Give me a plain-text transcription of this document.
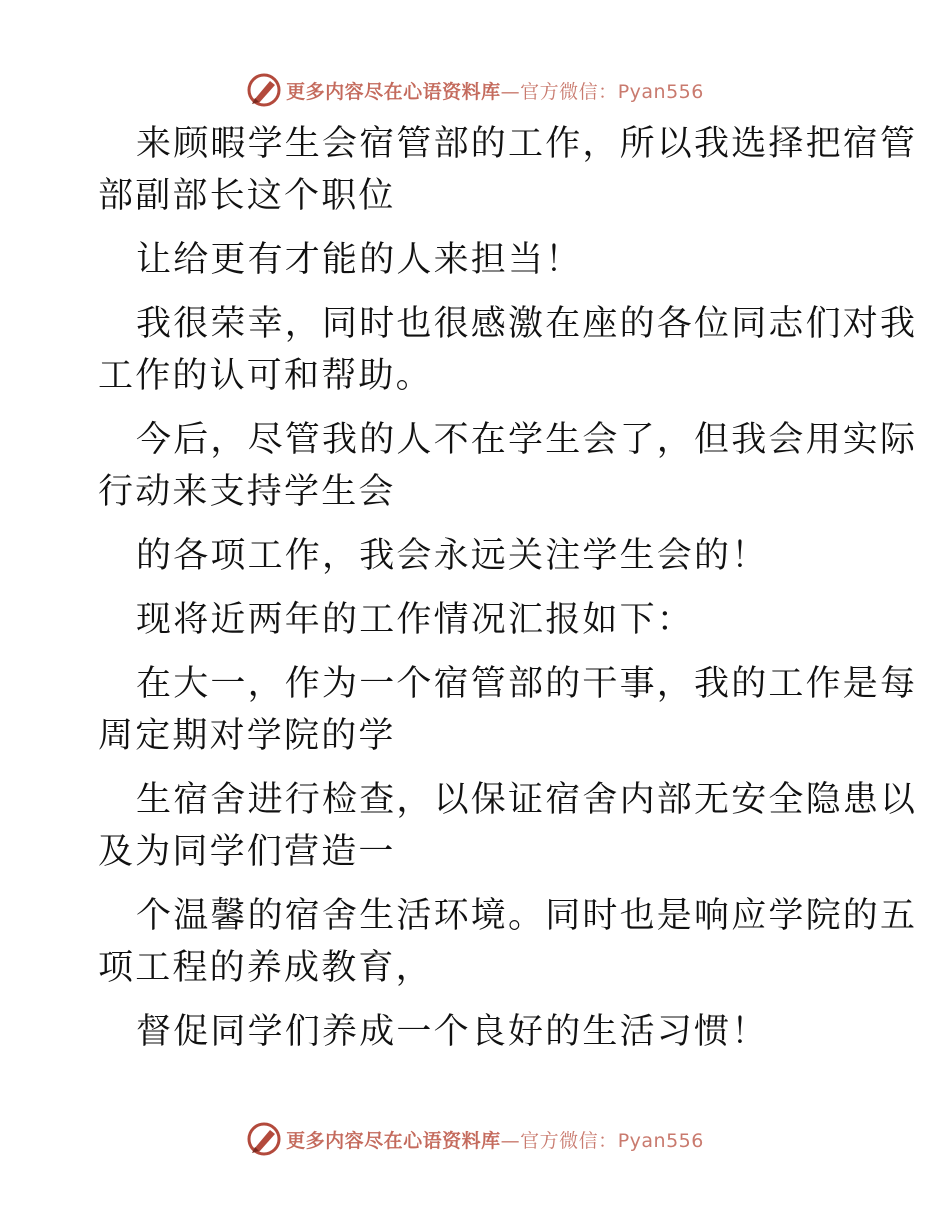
更多内容尽在心语资料库—官方微信：Pyan556
来顾暇学生会宿管部的工作，所以我选择把宿管
部副部长这个职位
让给更有才能的人来担当！
我很荣幸，同时也很感激在座的各位同志们对我
工作的认可和帮助。
今后，尽管我的人不在学生会了，但我会用实际
行动来支持学生会
的各项工作，我会永远关注学生会的！
现将近两年的工作情况汇报如下：
在大一，作为一个宿管部的干事，我的工作是每
周定期对学院的学
生宿舍进行检查，以保证宿舍内部无安全隐患以
及为同学们营造一
个温馨的宿舍生活环境。同时也是响应学院的五
项工程的养成教育，
督促同学们养成一个良好的生活习惯！
更多内容尽在心语资料库—官方微信：Pyan556
